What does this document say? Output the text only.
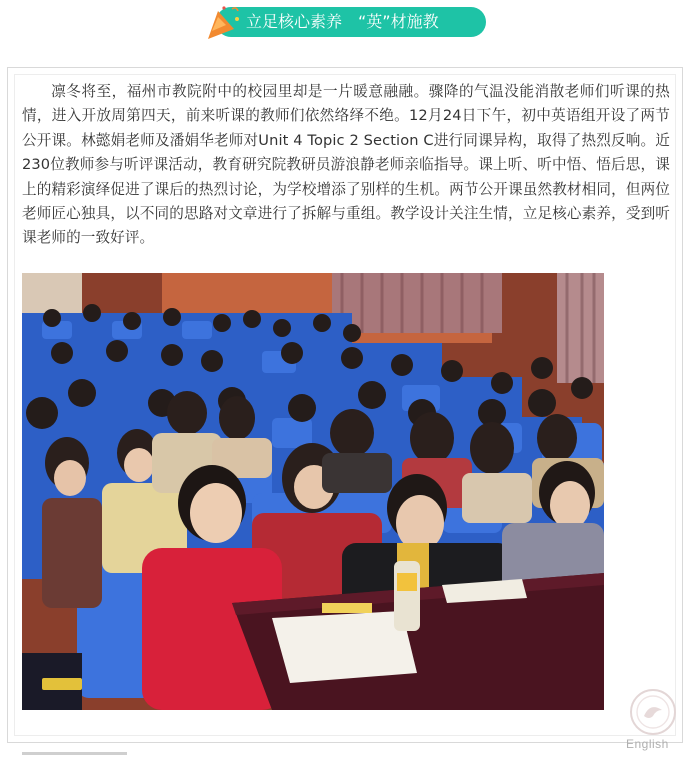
立足核心素养　“英”材施教

凛冬将至，福州市教院附中的校园里却是一片暖意融融。骤降的气温没能消散老师们听课的热情，进入开放周第四天，前来听课的教师们依然络绎不绝。12月24日下午，初中英语组开设了两节公开课。林懿娟老师及潘娟华老师对Unit 4 Topic 2 Section C进行同课异构，取得了热烈反响。近230位教师参与听评课活动，教育研究院教研员游浪静老师亲临指导。课上听、听中悟、悟后思，课上的精彩演绎促进了课后的热烈讨论，为学校增添了别样的生机。两节公开课虽然教材相同，但两位老师匠心独具，以不同的思路对文章进行了拆解与重组。教学设计关注生情，立足核心素养，受到听课老师的一致好评。

English
